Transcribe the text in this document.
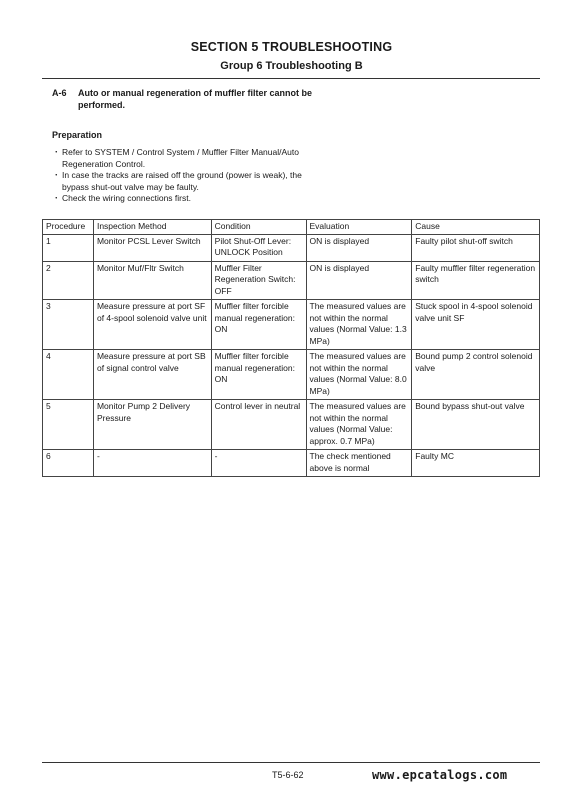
SECTION 5 TROUBLESHOOTING
Group 6 Troubleshooting B
A-6 Auto or manual regeneration of muffler filter cannot be performed.
Preparation
・ Refer to SYSTEM / Control System / Muffler Filter Manual/Auto Regeneration Control.
・ In case the tracks are raised off the ground (power is weak), the bypass shut-out valve may be faulty.
・ Check the wiring connections first.
Procedure	Inspection Method	Condition	Evaluation	Cause
1	Monitor PCSL Lever Switch	Pilot Shut-Off Lever: UNLOCK Position	ON is displayed	Faulty pilot shut-off switch
2	Monitor Muf/Fltr Switch	Muffler Filter Regeneration Switch: OFF	ON is displayed	Faulty muffler filter regeneration switch
3	Measure pressure at port SF of 4-spool solenoid valve unit	Muffler filter forcible manual regeneration: ON	The measured values are not within the normal values (Normal Value: 1.3 MPa)	Stuck spool in 4-spool solenoid valve unit SF
4	Measure pressure at port SB of signal control valve	Muffler filter forcible manual regeneration: ON	The measured values are not within the normal values (Normal Value: 8.0 MPa)	Bound pump 2 control solenoid valve
5	Monitor Pump 2 Delivery Pressure	Control lever in neutral	The measured values are not within the normal values (Normal Value: approx. 0.7 MPa)	Bound bypass shut-out valve
6	-	-	The check mentioned above is normal	Faulty MC
T5-6-62	www.epcatalogs.com
